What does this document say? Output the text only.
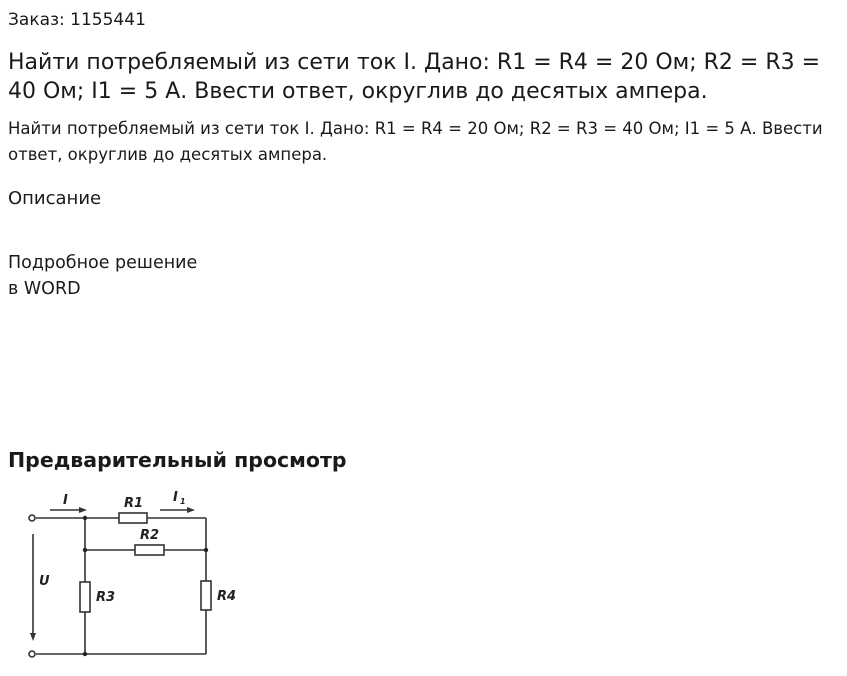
Заказ: 1155441
Найти потребляемый из сети ток I. Дано: R1 = R4 = 20 Ом; R2 = R3 = 40 Ом; I1 = 5 А. Ввести ответ, округлив до десятых ампера.
Найти потребляемый из сети ток I. Дано: R1 = R4 = 20 Ом; R2 = R3 = 40 Ом; I1 = 5 А. Ввести ответ, округлив до десятых ампера.
Описание
Подробное решение
в WORD
Предварительный просмотр
I	I 1
R1
R2
R3	R4
U
